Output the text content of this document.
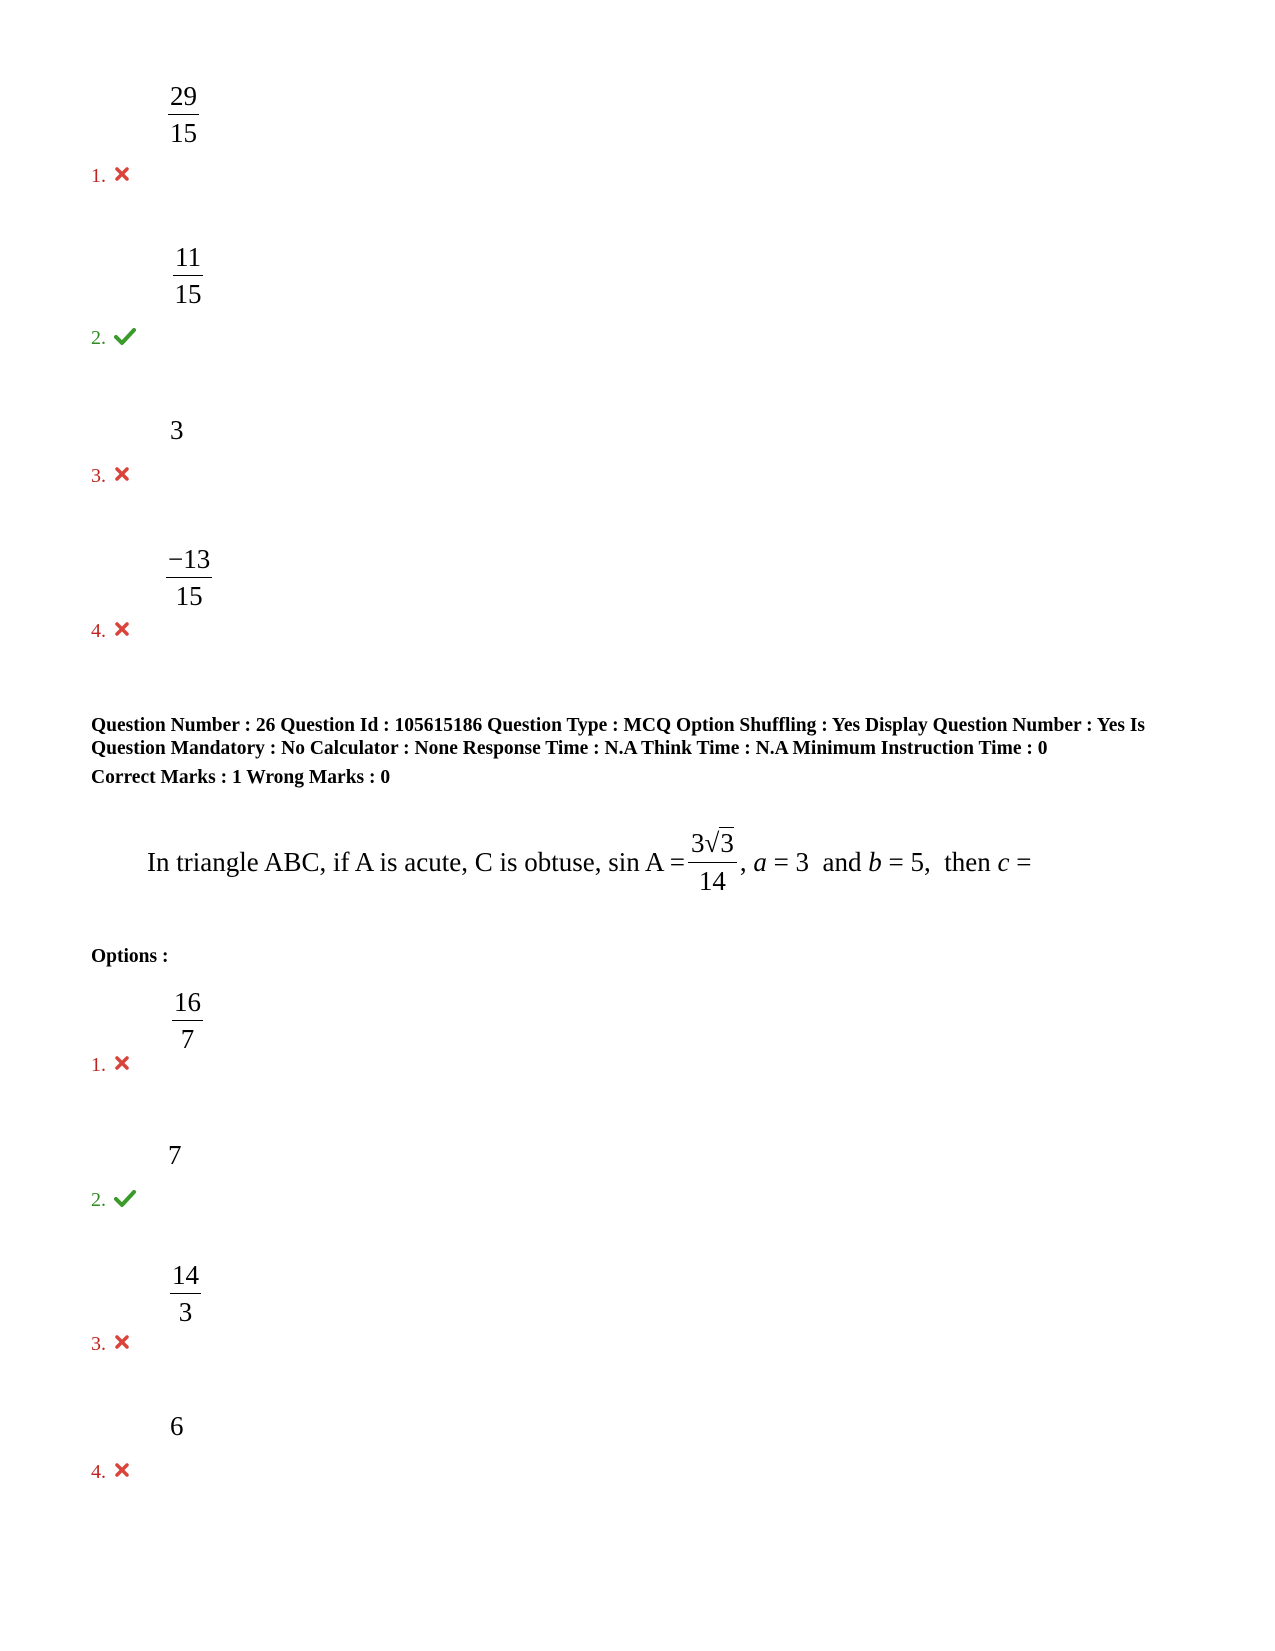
$\frac{29}{15}$
1.
$\frac{11}{15}$
2.
3
3.
$\frac{-13}{15}$
4.
Question Number : 26 Question Id : 105615186 Question Type : MCQ Option Shuffling : Yes Display Question Number : Yes Is Question Mandatory : No Calculator : None Response Time : N.A Think Time : N.A Minimum Instruction Time : 0
Correct Marks : 1 Wrong Marks : 0
In triangle ABC, if A is acute, C is obtuse, $\sin A = \frac{3√3}{14}$ , a = 3  and b = 5,  then c =
Options :
$\frac{16}{7}$
1.
7
2.
$\frac{14}{3}$
3.
6
4.
